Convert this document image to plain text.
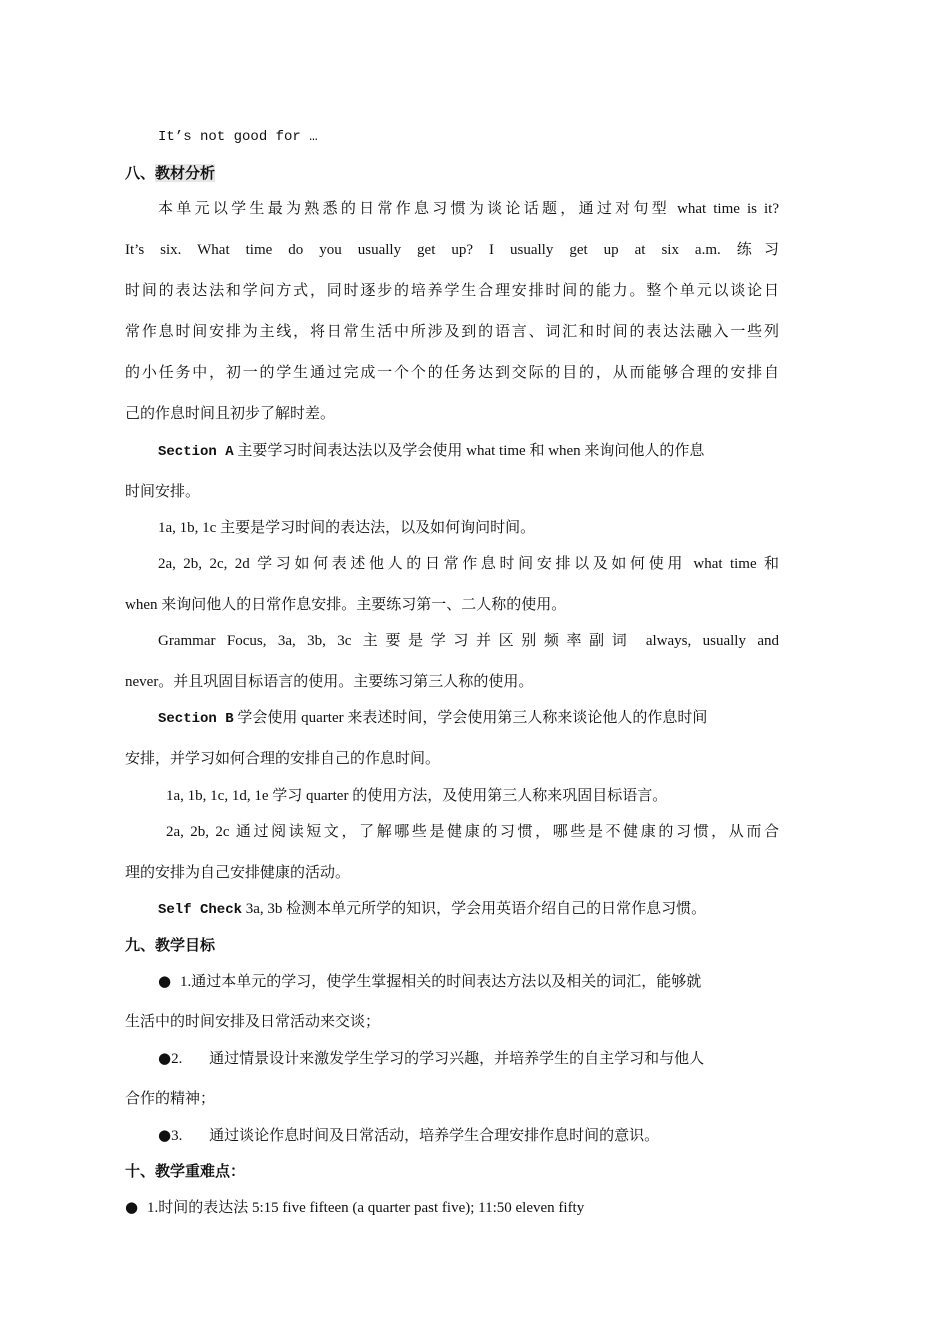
It’s not good for …
八、教材分析
本单元以学生最为熟悉的日常作息习惯为谈论话题，通过对句型 what time is it?
It’s six. What time do you usually get up? I usually get up at six a.m. 练习
时间的表达法和学问方式，同时逐步的培养学生合理安排时间的能力。整个单元以谈论日
常作息时间安排为主线，将日常生活中所涉及到的语言、词汇和时间的表达法融入一些列
的小任务中，初一的学生通过完成一个个的任务达到交际的目的，从而能够合理的安排自
己的作息时间且初步了解时差。
Section A 主要学习时间表达法以及学会使用 what time 和 when 来询问他人的作息
时间安排。
1a, 1b, 1c 主要是学习时间的表达法，以及如何询问时间。
2a, 2b, 2c, 2d 学习如何表述他人的日常作息时间安排以及如何使用 what time 和
when 来询问他人的日常作息安排。主要练习第一、二人称的使用。
Grammar Focus, 3a, 3b, 3c 主要是学习并区别频率副词 always, usually and
never。并且巩固目标语言的使用。主要练习第三人称的使用。
Section B 学会使用 quarter 来表述时间，学会使用第三人称来谈论他人的作息时间
安排，并学习如何合理的安排自己的作息时间。
1a, 1b, 1c, 1d, 1e 学习 quarter 的使用方法，及使用第三人称来巩固目标语言。
2a, 2b, 2c 通过阅读短文，了解哪些是健康的习惯，哪些是不健康的习惯，从而合
理的安排为自己安排健康的活动。
Self Check 3a, 3b 检测本单元所学的知识，学会用英语介绍自己的日常作息习惯。
九、教学目标
● 1.通过本单元的学习，使学生掌握相关的时间表达方法以及相关的词汇，能够就
生活中的时间安排及日常活动来交谈；
●2. 通过情景设计来激发学生学习的学习兴趣，并培养学生的自主学习和与他人
合作的精神；
●3. 通过谈论作息时间及日常活动，培养学生合理安排作息时间的意识。
十、教学重难点：
● 1.时间的表达法 5:15 five fifteen (a quarter past five); 11:50 eleven fifty
